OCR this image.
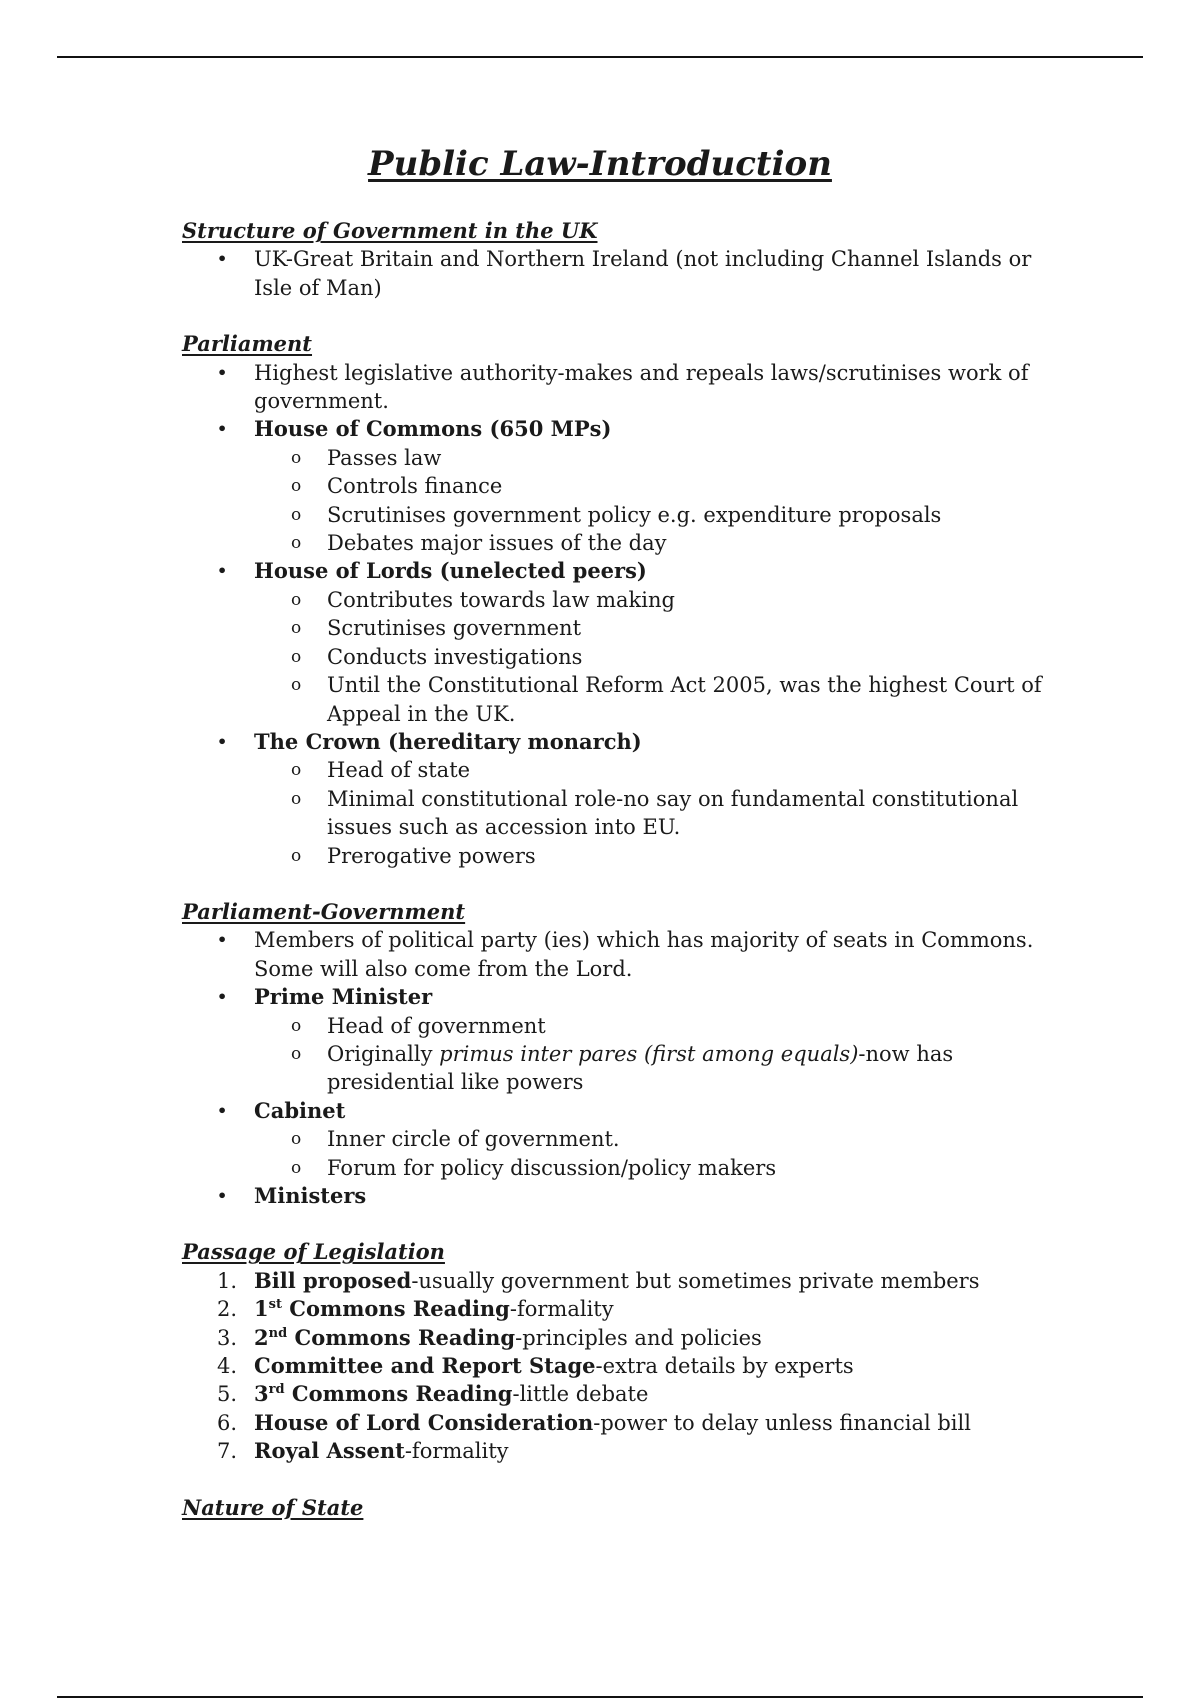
Public Law-Introduction
Structure of Government in the UK
• UK-Great Britain and Northern Ireland (not including Channel Islands or Isle of Man)
Parliament
• Highest legislative authority-makes and repeals laws/scrutinises work of government.
• House of Commons (650 MPs)
o Passes law
o Controls finance
o Scrutinises government policy e.g. expenditure proposals
o Debates major issues of the day
• House of Lords (unelected peers)
o Contributes towards law making
o Scrutinises government
o Conducts investigations
o Until the Constitutional Reform Act 2005, was the highest Court of Appeal in the UK.
• The Crown (hereditary monarch)
o Head of state
o Minimal constitutional role-no say on fundamental constitutional issues such as accession into EU.
o Prerogative powers
Parliament-Government
• Members of political party (ies) which has majority of seats in Commons. Some will also come from the Lord.
• Prime Minister
o Head of government
o Originally primus inter pares (first among equals)-now has presidential like powers
• Cabinet
o Inner circle of government.
o Forum for policy discussion/policy makers
• Ministers
Passage of Legislation
1. Bill proposed-usually government but sometimes private members
2. 1st Commons Reading-formality
3. 2nd Commons Reading-principles and policies
4. Committee and Report Stage-extra details by experts
5. 3rd Commons Reading-little debate
6. House of Lord Consideration-power to delay unless financial bill
7. Royal Assent-formality
Nature of State
